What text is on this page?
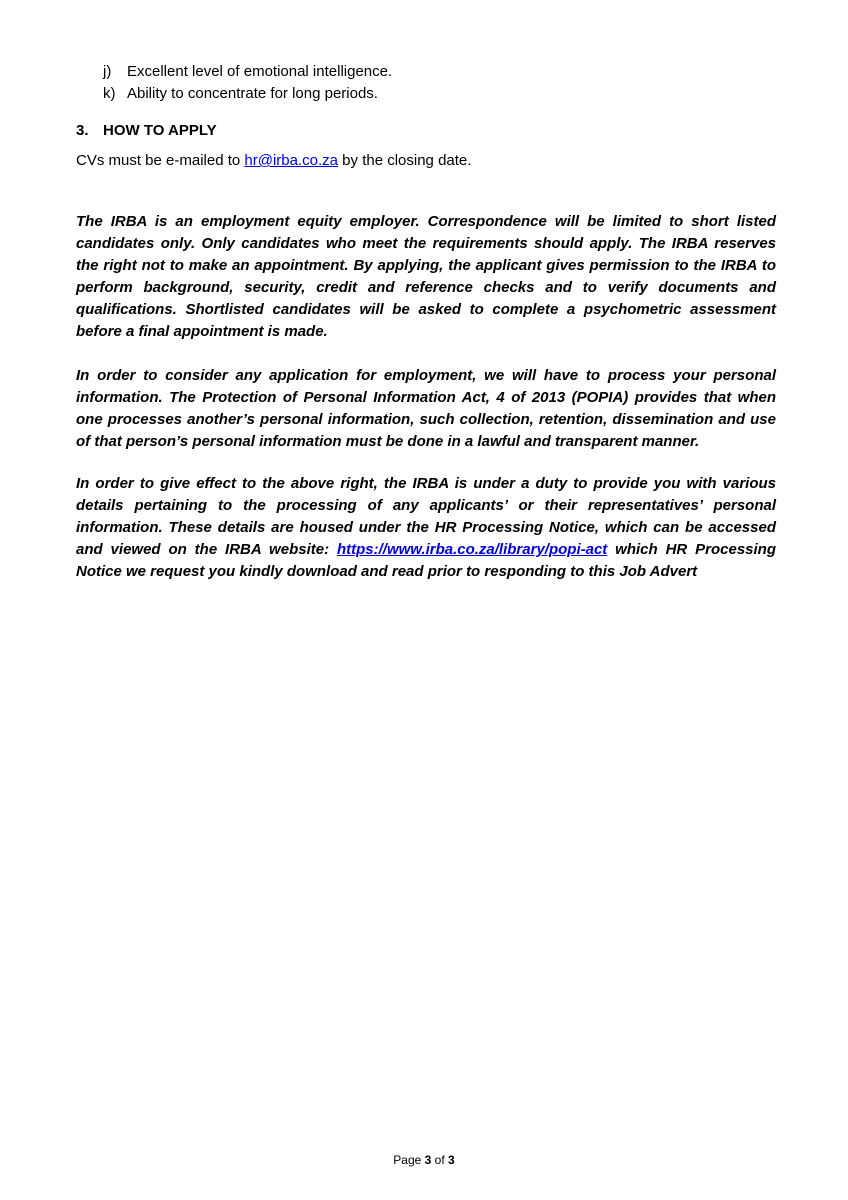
j)	Excellent level of emotional intelligence.
k) Ability to concentrate for long periods.
3. HOW TO APPLY
CVs must be e-mailed to hr@irba.co.za by the closing date.

The IRBA is an employment equity employer. Correspondence will be limited to short listed candidates only. Only candidates who meet the requirements should apply. The IRBA reserves the right not to make an appointment. By applying, the applicant gives permission to the IRBA to perform background, security, credit and reference checks and to verify documents and qualifications. Shortlisted candidates will be asked to complete a psychometric assessment before a final appointment is made.

In order to consider any application for employment, we will have to process your personal information. The Protection of Personal Information Act, 4 of 2013 (POPIA) provides that when one processes another’s personal information, such collection, retention, dissemination and use of that person’s personal information must be done in a lawful and transparent manner.

In order to give effect to the above right, the IRBA is under a duty to provide you with various details pertaining to the processing of any applicants’ or their representatives’ personal information. These details are housed under the HR Processing Notice, which can be accessed and viewed on the IRBA website: https://www.irba.co.za/library/popi-act which HR Processing Notice we request you kindly download and read prior to responding to this Job Advert

Page 3 of 3
